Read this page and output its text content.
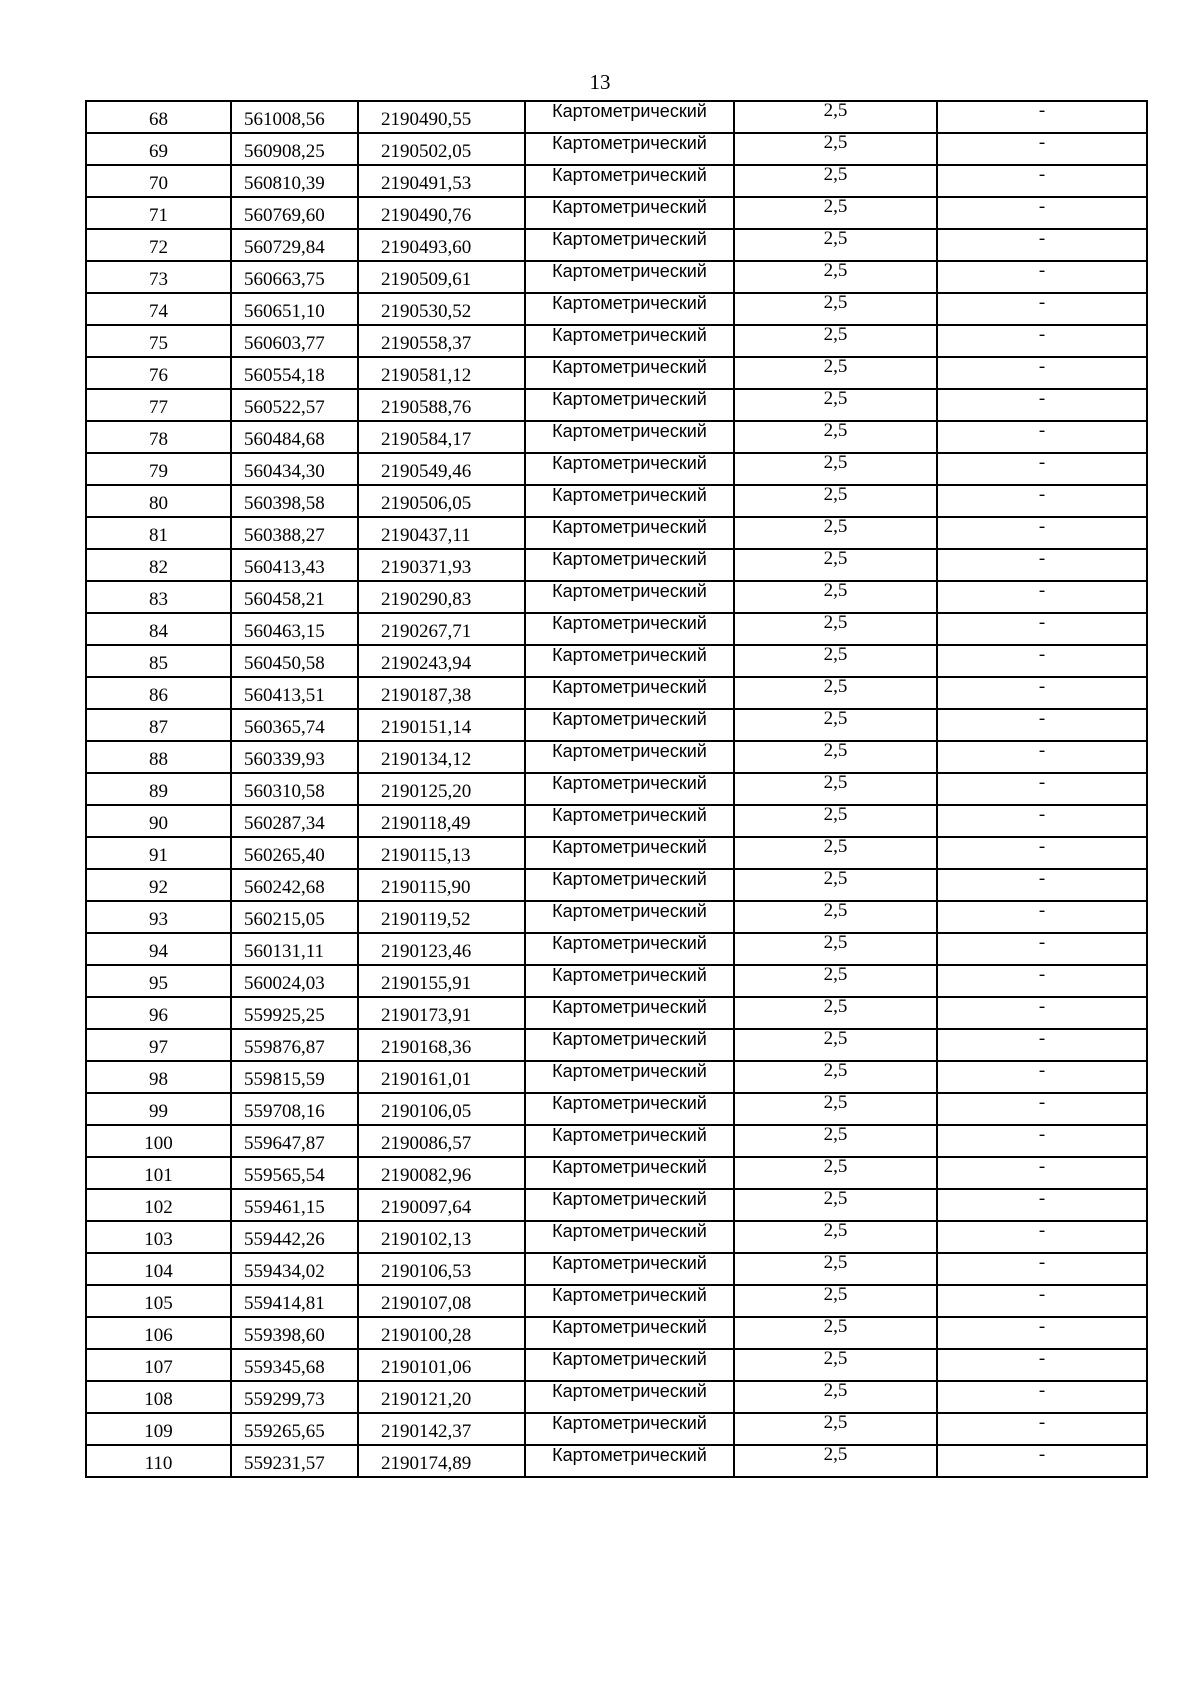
13
68	561008,56	2190490,55	Картометрический	2,5	-
69	560908,25	2190502,05	Картометрический	2,5	-
70	560810,39	2190491,53	Картометрический	2,5	-
71	560769,60	2190490,76	Картометрический	2,5	-
72	560729,84	2190493,60	Картометрический	2,5	-
73	560663,75	2190509,61	Картометрический	2,5	-
74	560651,10	2190530,52	Картометрический	2,5	-
75	560603,77	2190558,37	Картометрический	2,5	-
76	560554,18	2190581,12	Картометрический	2,5	-
77	560522,57	2190588,76	Картометрический	2,5	-
78	560484,68	2190584,17	Картометрический	2,5	-
79	560434,30	2190549,46	Картометрический	2,5	-
80	560398,58	2190506,05	Картометрический	2,5	-
81	560388,27	2190437,11	Картометрический	2,5	-
82	560413,43	2190371,93	Картометрический	2,5	-
83	560458,21	2190290,83	Картометрический	2,5	-
84	560463,15	2190267,71	Картометрический	2,5	-
85	560450,58	2190243,94	Картометрический	2,5	-
86	560413,51	2190187,38	Картометрический	2,5	-
87	560365,74	2190151,14	Картометрический	2,5	-
88	560339,93	2190134,12	Картометрический	2,5	-
89	560310,58	2190125,20	Картометрический	2,5	-
90	560287,34	2190118,49	Картометрический	2,5	-
91	560265,40	2190115,13	Картометрический	2,5	-
92	560242,68	2190115,90	Картометрический	2,5	-
93	560215,05	2190119,52	Картометрический	2,5	-
94	560131,11	2190123,46	Картометрический	2,5	-
95	560024,03	2190155,91	Картометрический	2,5	-
96	559925,25	2190173,91	Картометрический	2,5	-
97	559876,87	2190168,36	Картометрический	2,5	-
98	559815,59	2190161,01	Картометрический	2,5	-
99	559708,16	2190106,05	Картометрический	2,5	-
100	559647,87	2190086,57	Картометрический	2,5	-
101	559565,54	2190082,96	Картометрический	2,5	-
102	559461,15	2190097,64	Картометрический	2,5	-
103	559442,26	2190102,13	Картометрический	2,5	-
104	559434,02	2190106,53	Картометрический	2,5	-
105	559414,81	2190107,08	Картометрический	2,5	-
106	559398,60	2190100,28	Картометрический	2,5	-
107	559345,68	2190101,06	Картометрический	2,5	-
108	559299,73	2190121,20	Картометрический	2,5	-
109	559265,65	2190142,37	Картометрический	2,5	-
110	559231,57	2190174,89	Картометрический	2,5	-
